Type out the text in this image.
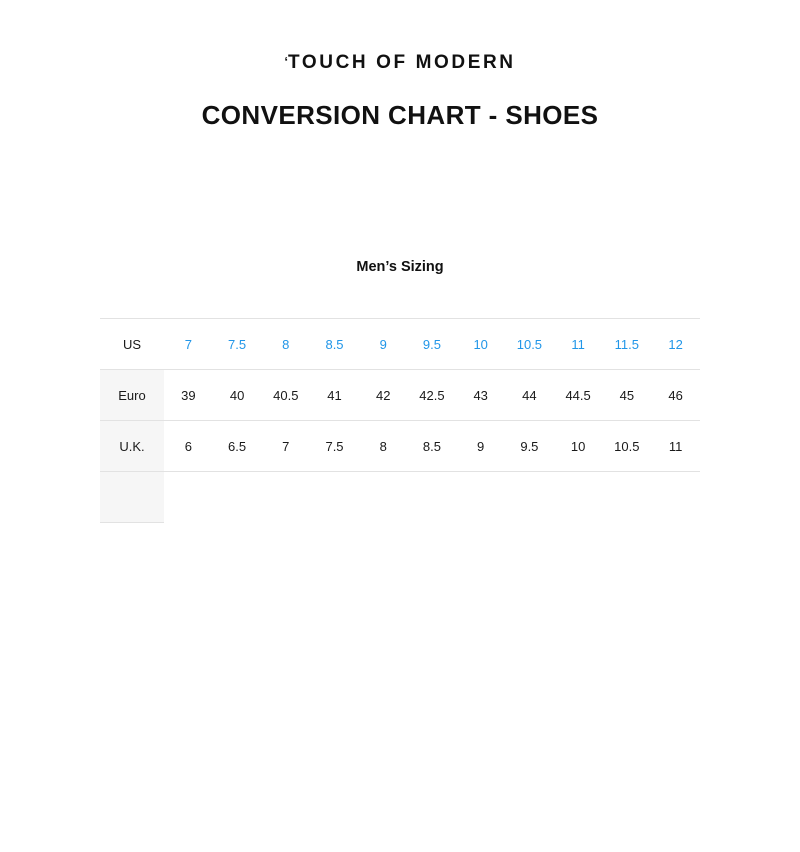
‘TOUCH OF MODERN
CONVERSION CHART - SHOES
Men’s Sizing
US	7	7.5	8	8.5	9	9.5	10	10.5	11	11.5	12
Euro	39	40	40.5	41	42	42.5	43	44	44.5	45	46
U.K.	6	6.5	7	7.5	8	8.5	9	9.5	10	10.5	11
